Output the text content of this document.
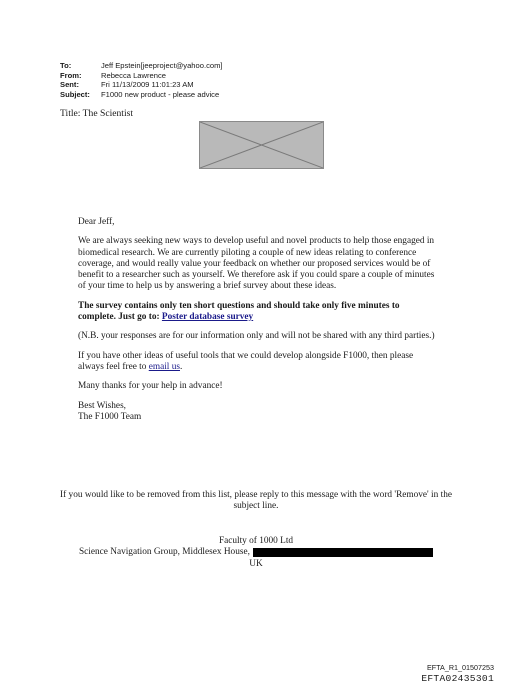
To:	Jeff Epstein[jeeproject@yahoo.com]
From:	Rebecca Lawrence
Sent:	Fri 11/13/2009 11:01:23 AM
Subject:	F1000 new product - please advice
Title: The Scientist

Dear Jeff,

We are always seeking new ways to develop useful and novel products to help those engaged in biomedical research. We are currently piloting a couple of new ideas relating to conference coverage, and would really value your feedback on whether our proposed services would be of benefit to a researcher such as yourself. We therefore ask if you could spare a couple of minutes of your time to help us by answering a brief survey about these ideas.

The survey contains only ten short questions and should take only five minutes to complete. Just go to: Poster database survey

(N.B. your responses are for our information only and will not be shared with any third parties.)

If you have other ideas of useful tools that we could develop alongside F1000, then please always feel free to email us.

Many thanks for your help in advance!

Best Wishes,

The F1000 Team

If you would like to be removed from this list, please reply to this message with the word 'Remove' in the subject line.
Faculty of 1000 Ltd
Science Navigation Group, Middlesex House,
UK
EFTA_R1_01507253
EFTA02435301
